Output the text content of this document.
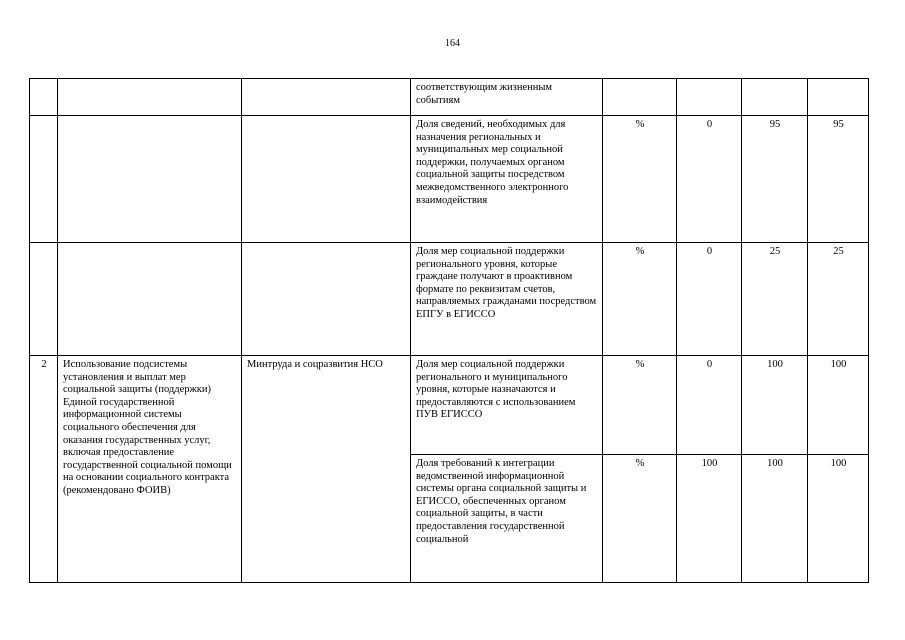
164

			соответствующим жизненным событиям				

			Доля сведений, необходимых для назначения региональных и муниципальных мер социальной поддержки, получаемых органом социальной защиты посредством межведомственного электронного взаимодействия	%	0	95	95

			Доля мер социальной поддержки регионального уровня, которые граждане получают в проактивном формате по реквизитам счетов, направляемых гражданами посредством ЕПГУ в ЕГИССО	%	0	25	25
2	Использование подсистемы установления и выплат мер социальной защиты (поддержки) Единой государственной информационной системы социального обеспечения для оказания государственных услуг, включая предоставление государственной социальной помощи на основании социального контракта (рекомендовано ФОИВ)	Минтруда и соцразвития НСО	Доля мер социальной поддержки регионального и муниципального уровня, которые назначаются и предоставляются с использованием ПУВ ЕГИССО	%	0	100	100

			Доля требований к интеграции ведомственной информационной системы органа социальной защиты и ЕГИССО, обеспеченных органом социальной защиты, в части предоставления государственной социальной	%	100	100	100
